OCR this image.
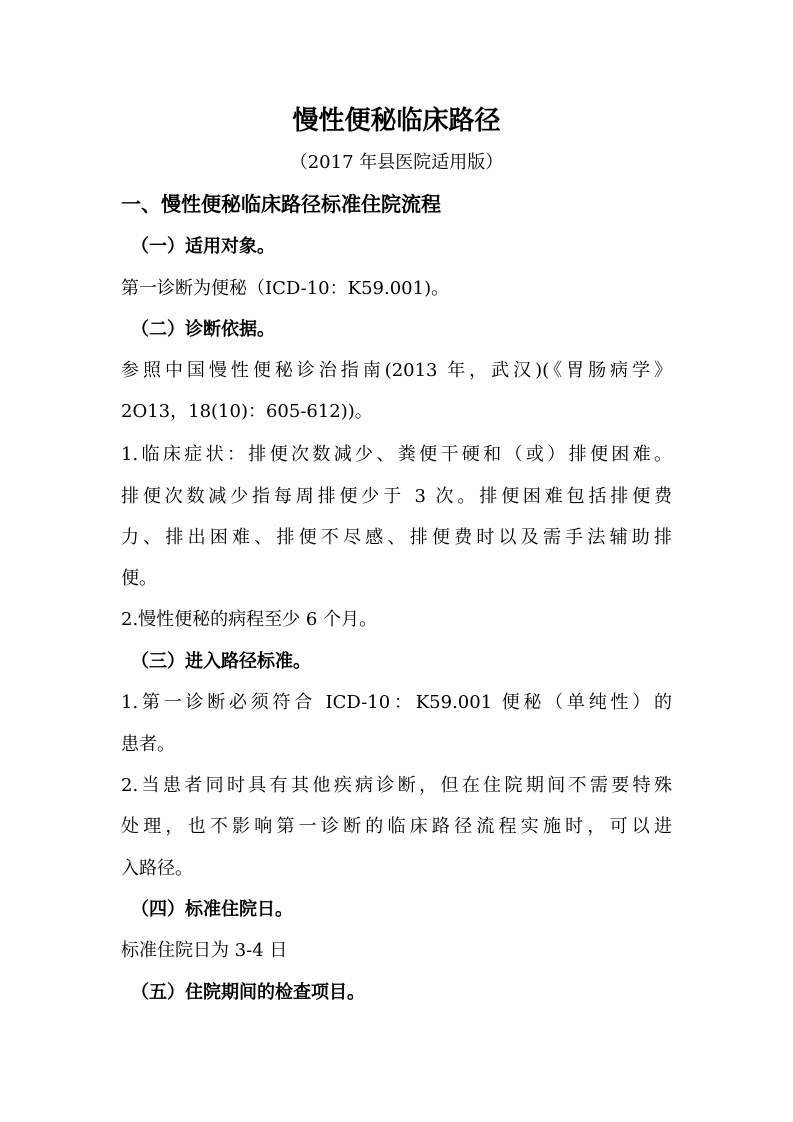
慢性便秘临床路径
（2017 年县医院适用版）
一、慢性便秘临床路径标准住院流程
（一）适用对象。
第一诊断为便秘（ICD-10：K59.001)。
（二）诊断依据。
参照中国慢性便秘诊治指南(2013 年，武汉)(《胃肠病学》
2O13，18(10)：605-612))。
1.临床症状：排便次数减少、粪便干硬和（或）排便困难。
排便次数减少指每周排便少于 3 次。排便困难包括排便费
力、排出困难、排便不尽感、排便费时以及需手法辅助排
便。
2.慢性便秘的病程至少 6 个月。
（三）进入路径标准。
1.第一诊断必须符合 ICD-10：K59.001 便秘（单纯性）的
患者。
2.当患者同时具有其他疾病诊断，但在住院期间不需要特殊
处理，也不影响第一诊断的临床路径流程实施时，可以进
入路径。
（四）标准住院日。
标准住院日为 3-4 日
（五）住院期间的检查项目。
